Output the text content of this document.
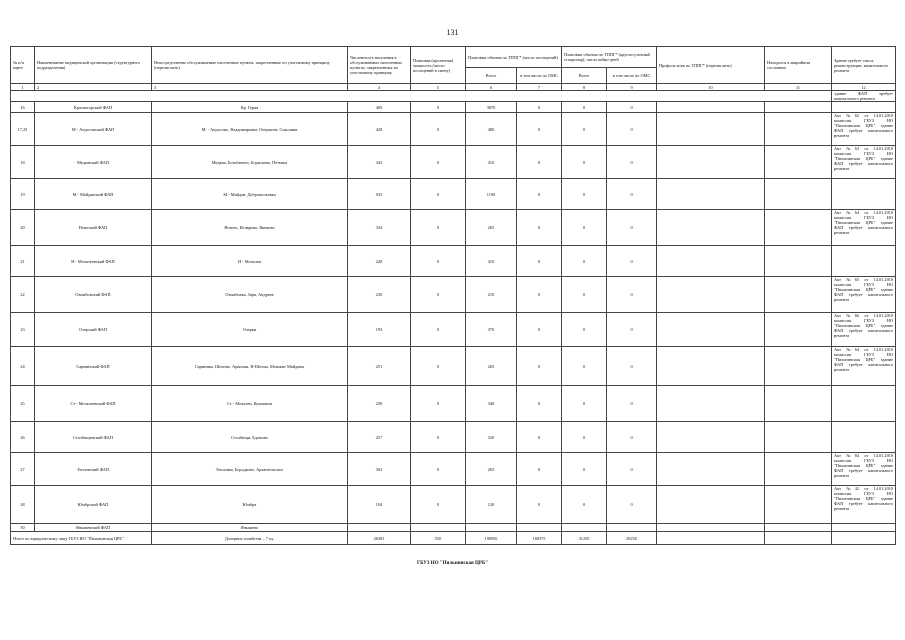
131
№ п/п карте	Наименование медицинской организации (структурного подразделения)	Непосредственно обслуживаемые населенные пункты, закрепленные по участковому принципу (перечислить)	Численность населения в обслуживаемых населенных пунктах, закрепленных по участковому принципу	Плановая (проектная) мощность (число посещений в смену)	Плановые объемы по ТППГ* (число посещений)		Плановые объемы по ТППГ* (круглосуточный стационар), число койко-дней		Профиль коек по ТППГ* (перечислить)	Находится в аварийном состоянии	Здание требует сноса, реконструкции, капитального ремонта
					Всего	в том числе по ОМС	Всего	в том числе по ОМС			
1	2	3	4	5	6	7	8	9	10	11	12
											здание ФАП требует капитального ремонта
16	Красногорский ФАП	Кр. Горка	469	0	3870	0	0	0			
17,25	М - Андосовский ФАП	М. - Андосово, Владимировка, Очерыонт, Соколики	428	0	480	0	0	0			Акт №62 от 14.01.2010 комиссия ГБУЗ НО "Пильнинская ЦРБ" здание ФАП требует капитального ремонта
18	Медынский ФАП	Медяна, Бозобачено, Борисково, Петъвка	343	0	410	0	0	0			Акт №63 от 14.01.2010 комиссия ГБУЗ НО "Пильнинская ЦРБ" здание ФАП требует капитального ремонта
19	М - Майданский ФАП	М - Майдан, Добромольевка	935	0	1190	0	0	0			
20	Новоский ФАП	Новоть, Исаврово, Якнково	334	0	265	0	0	0			Акт №64 от 14.01.2010 комиссия ГБУЗ НО "Пильнинская ЦРБ" здание ФАП требует капитального ремонта
21	Н - Мочалеевский ФАП	Н - Мочалеи	228	0	410	0	0	0			
22	Озимбовский ФАП	Озимбовка, Заря, Андреев	230	0	210	0	0	0			Акт №65 от 14.01.2010 комиссия ГБУЗ НО "Пильнинская ЦРБ" здание ФАП требует капитального ремонта
23	Озерский ФАП	Озерки	193	0	370	0	0	0			Акт №66 от 14.01.2010 комиссия ГБУЗ НО "Пильнинская ЦРБ" здание ФАП требует капитального ремонта
24	Сарминский ФАП	Сарминка, Шехино, Арышпи, Н-Шелма, Можжит Майданы	251	0	265	0	0	0			Акт №64 от 14.01.2010 комиссия ГБУЗ НО "Пильнинская ЦРБ" здание ФАП требует капитального ремонта
25	Ст - Мочалеевский ФАП	Ст - Мочалеи, Кулькаши	258	0	340	0	0	0			
26	Столбищенский ФАП	Столбищи, Бдомово	257	0	320	0	0	0			
27	Тепловский ФАП	Тепловка, Бородково, Архангельское	302	0	265	0	0	0			Акт №84 от 14.01.2010 комиссия ГБУЗ НО "Пильнинская ЦРБ" здание ФАП требует капитального ремонта
28	Юмбрский ФАП	Юмбра	104	0	120	0	0	0			Акт №42 от 14.01.2010 комиссия ГБУЗ НО "Пильнинская ЦРБ" здание ФАП требует капитального ремонта
30	Янышевский ФАП	Янышево									
Итого по юридическому лицу ГБУЗ НО "Пильнинская ЦРБ"		Дочерние хозяйства – 7 ед.	26381	550	190956	168375	31250	29250			
ГБУЗ НО "Пильнинская ЦРБ"
